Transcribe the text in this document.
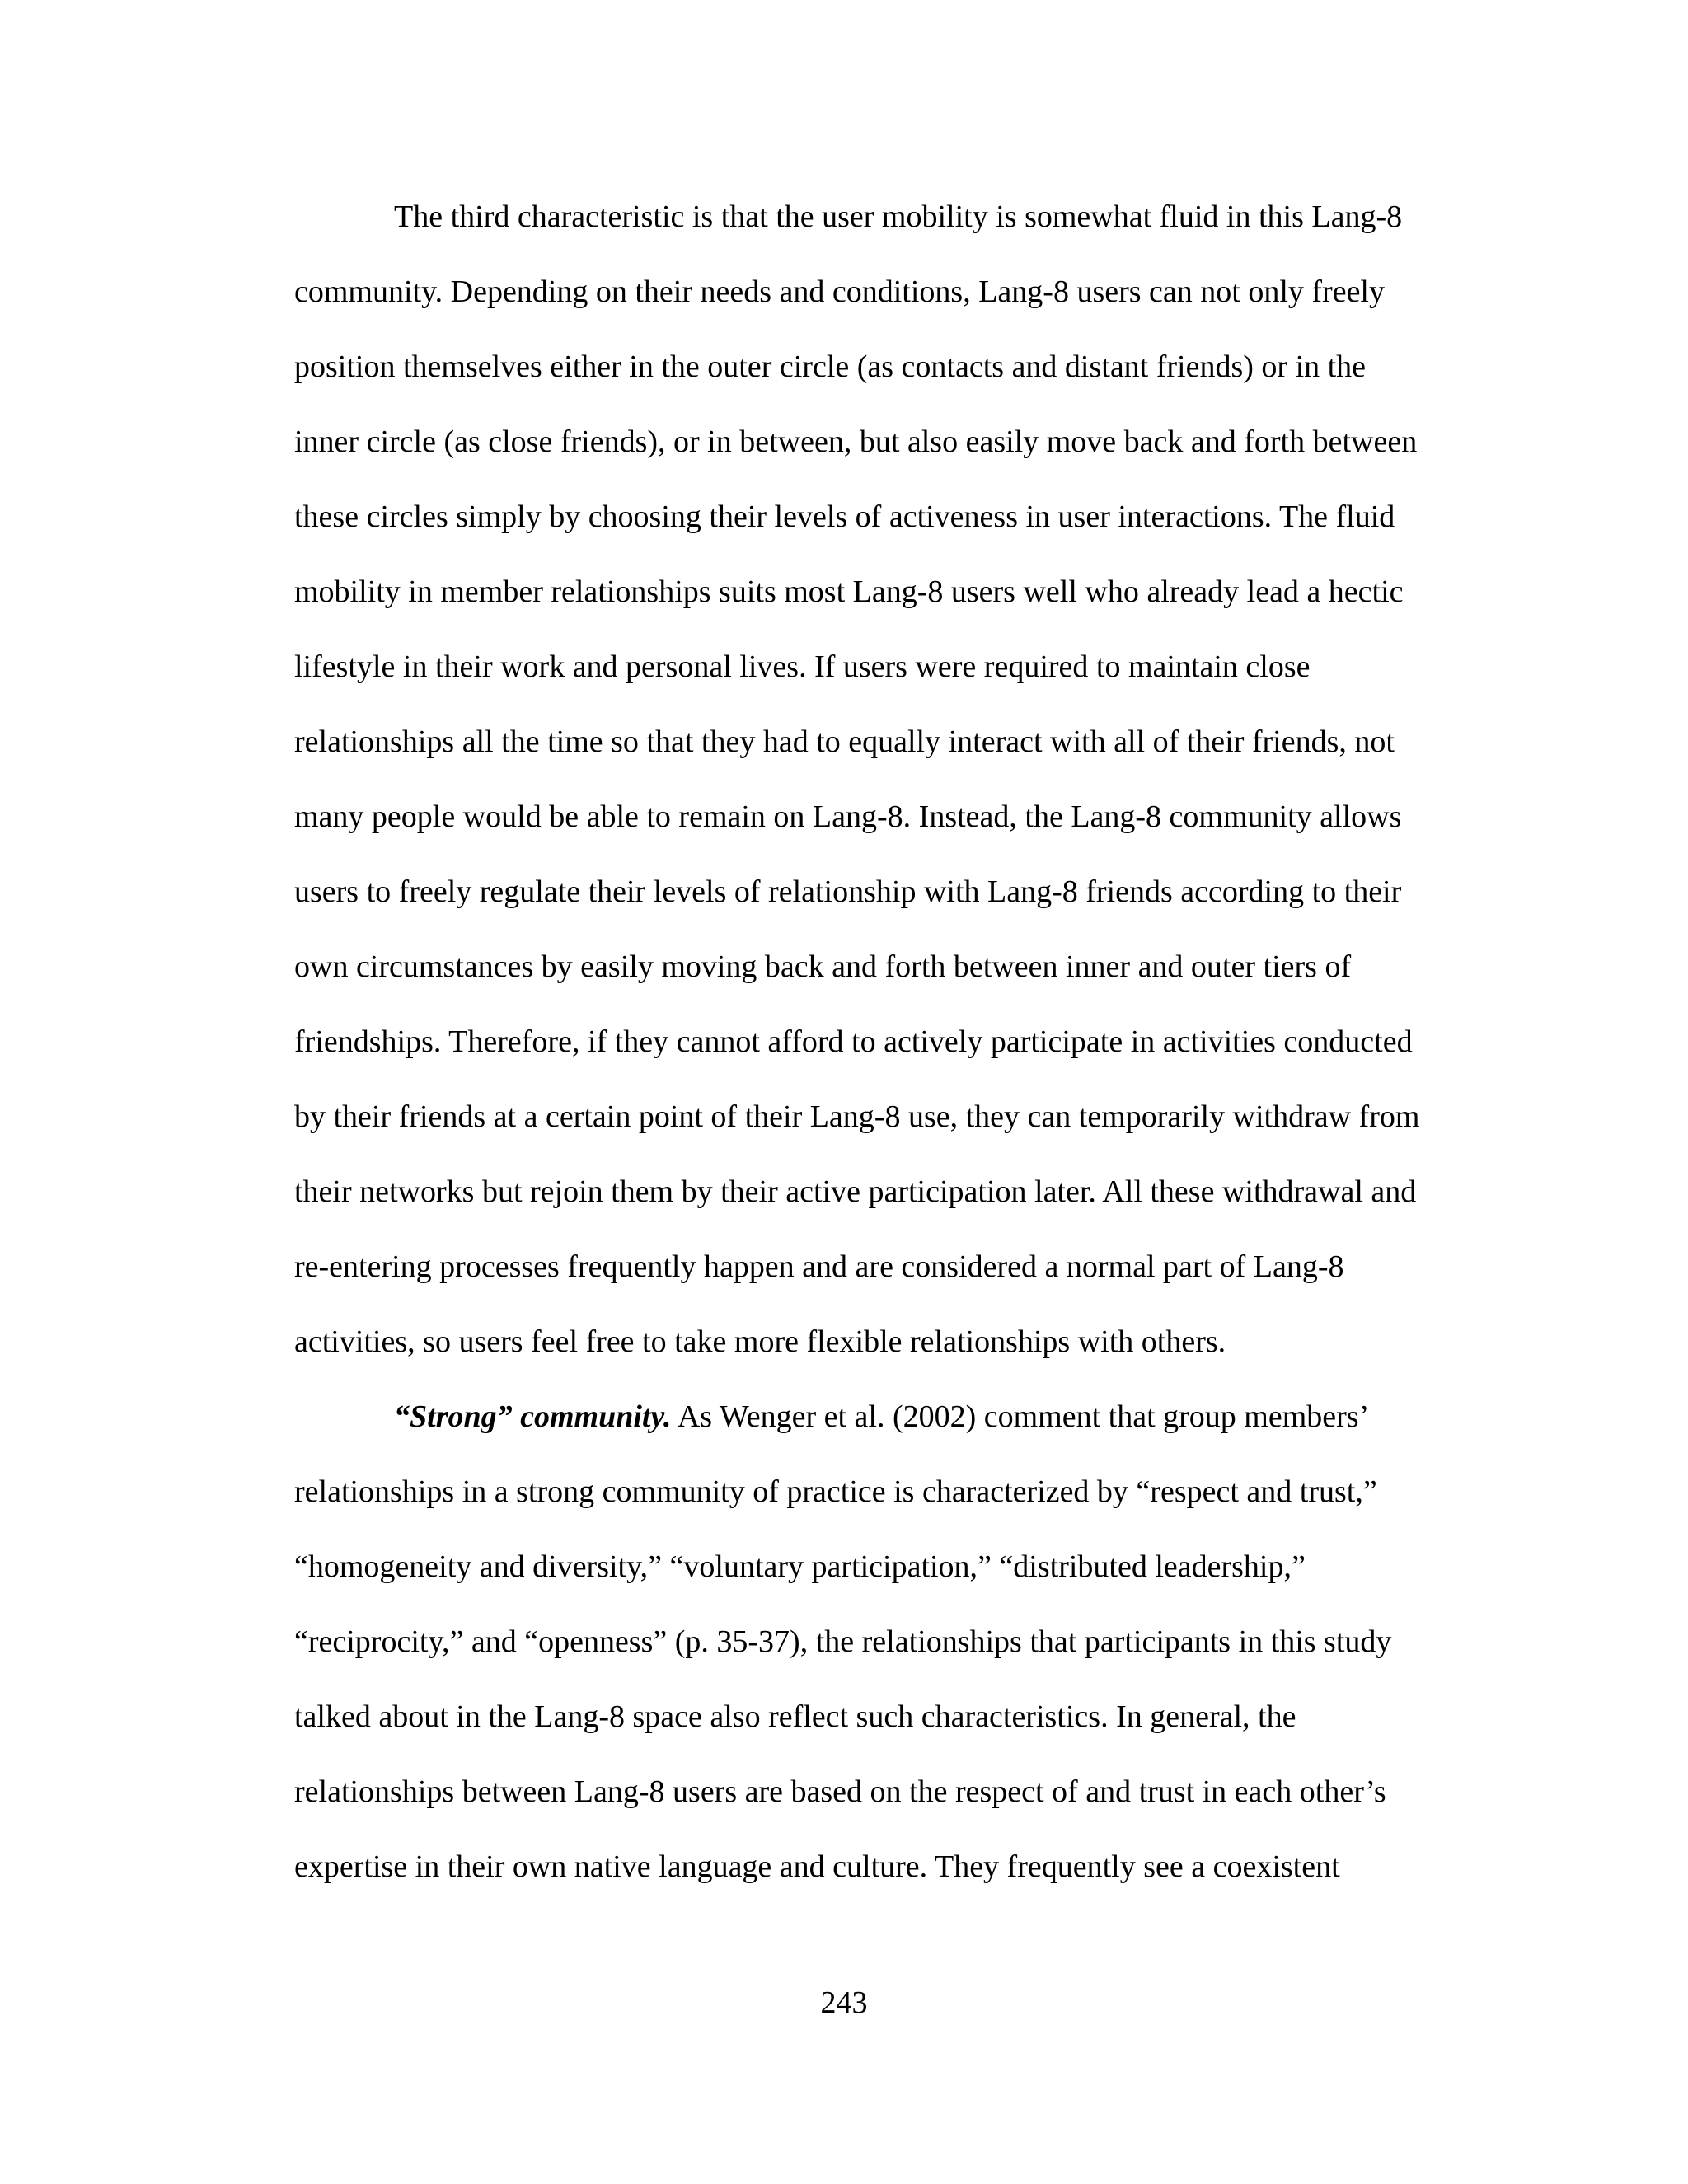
The third characteristic is that the user mobility is somewhat fluid in this Lang-8
community. Depending on their needs and conditions, Lang-8 users can not only freely
position themselves either in the outer circle (as contacts and distant friends) or in the
inner circle (as close friends), or in between, but also easily move back and forth between
these circles simply by choosing their levels of activeness in user interactions. The fluid
mobility in member relationships suits most Lang-8 users well who already lead a hectic
lifestyle in their work and personal lives. If users were required to maintain close
relationships all the time so that they had to equally interact with all of their friends, not
many people would be able to remain on Lang-8. Instead, the Lang-8 community allows
users to freely regulate their levels of relationship with Lang-8 friends according to their
own circumstances by easily moving back and forth between inner and outer tiers of
friendships. Therefore, if they cannot afford to actively participate in activities conducted
by their friends at a certain point of their Lang-8 use, they can temporarily withdraw from
their networks but rejoin them by their active participation later. All these withdrawal and
re-entering processes frequently happen and are considered a normal part of Lang-8
activities, so users feel free to take more flexible relationships with others.
“Strong” community. As Wenger et al. (2002) comment that group members’
relationships in a strong community of practice is characterized by “respect and trust,”
“homogeneity and diversity,” “voluntary participation,” “distributed leadership,”
“reciprocity,” and “openness” (p. 35-37), the relationships that participants in this study
talked about in the Lang-8 space also reflect such characteristics. In general, the
relationships between Lang-8 users are based on the respect of and trust in each other’s
expertise in their own native language and culture. They frequently see a coexistent
243
